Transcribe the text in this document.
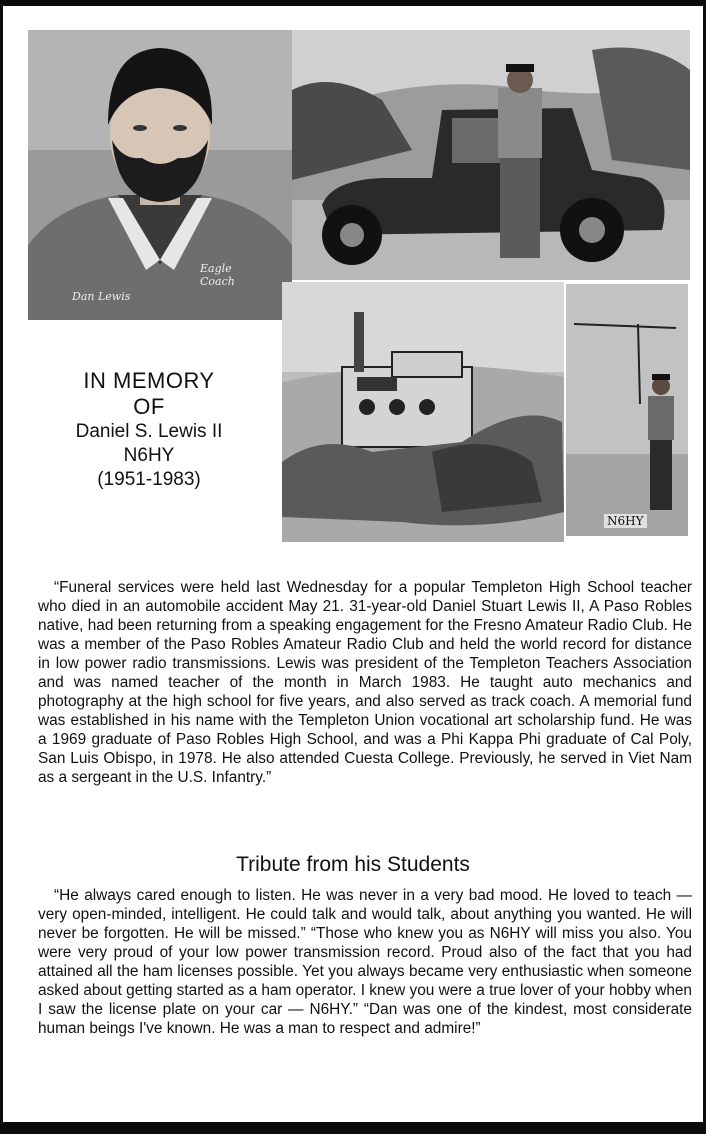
Dan Lewis
Eagle Coach
N6HY
IN MEMORY
OF
Daniel S. Lewis II
N6HY
(1951-1983)

“Funeral services were held last Wednesday for a popular Templeton High School teacher who died in an automobile accident May 21. 31-year-old Daniel Stuart Lewis II, A Paso Robles native, had been returning from a speaking engagement for the Fresno Amateur Radio Club. He was a member of the Paso Robles Amateur Radio Club and held the world record for distance in low power radio transmissions. Lewis was president of the Templeton Teachers Association and was named teacher of the month in March 1983. He taught auto mechanics and photography at the high school for five years, and also served as track coach. A memorial fund was established in his name with the Templeton Union vocational art scholarship fund. He was a 1969 graduate of Paso Robles High School, and was a Phi Kappa Phi graduate of Cal Poly, San Luis Obispo, in 1978. He also attended Cuesta College. Previously, he served in Viet Nam as a sergeant in the U.S. Infantry.”

Tribute from his Students

“He always cared enough to listen. He was never in a very bad mood. He loved to teach — very open-minded, intelligent. He could talk and would talk, about anything you wanted. He will never be forgotten. He will be missed.” “Those who knew you as N6HY will miss you also. You were very proud of your low power transmission record. Proud also of the fact that you had attained all the ham licenses possible. Yet you always became very enthusiastic when someone asked about getting started as a ham operator. I knew you were a true lover of your hobby when I saw the license plate on your car — N6HY.” “Dan was one of the kindest, most considerate human beings I've known. He was a man to respect and admire!”
